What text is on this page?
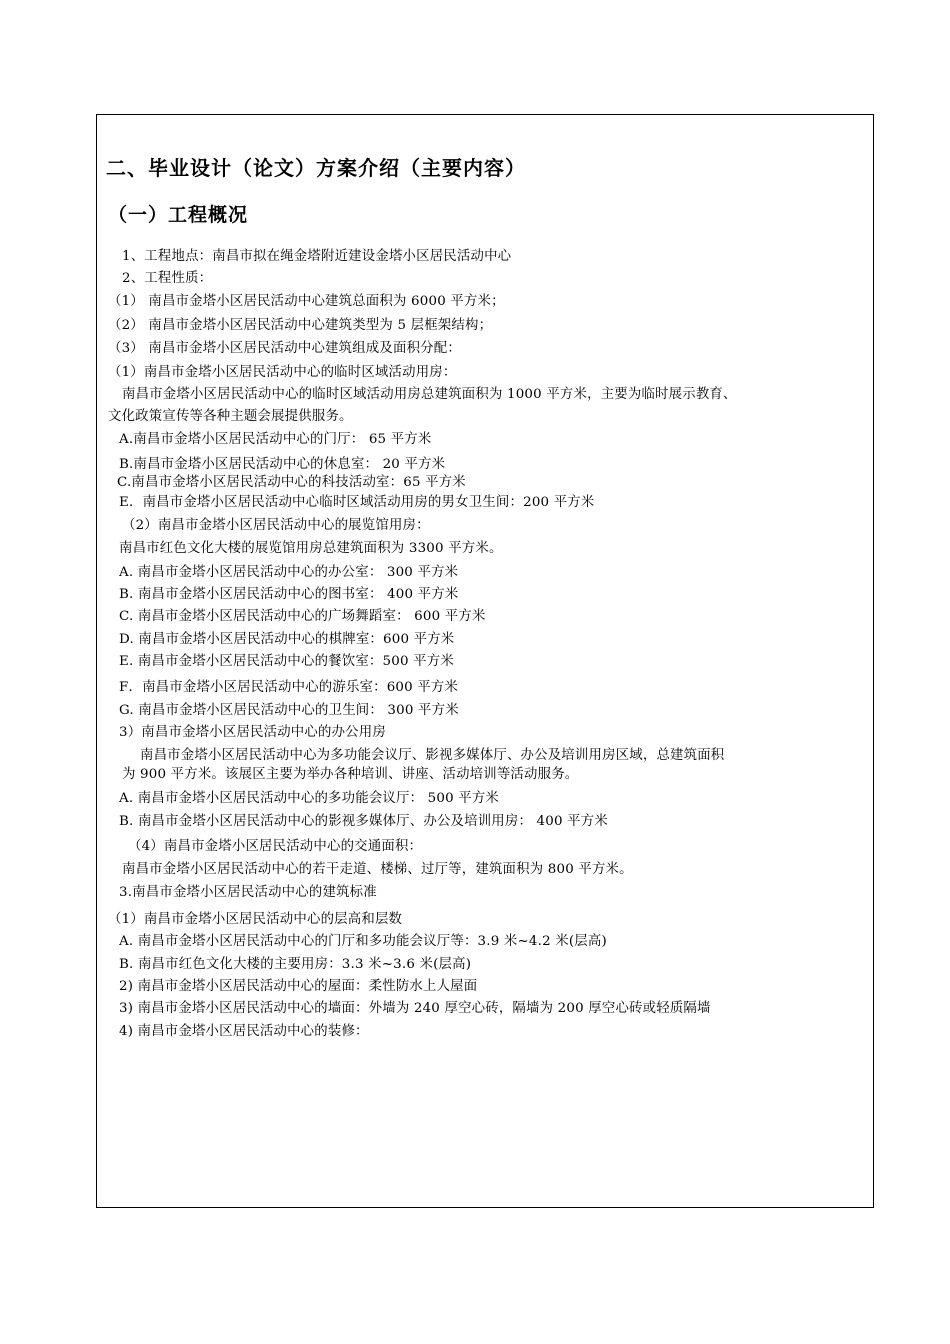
二、毕业设计（论文）方案介绍（主要内容）
（一）工程概况
1、工程地点：南昌市拟在绳金塔附近建设金塔小区居民活动中心
2、工程性质：
（1） 南昌市金塔小区居民活动中心建筑总面积为 6000 平方米；
（2） 南昌市金塔小区居民活动中心建筑类型为 5 层框架结构；
（3） 南昌市金塔小区居民活动中心建筑组成及面积分配：
（1）南昌市金塔小区居民活动中心的临时区域活动用房：
南昌市金塔小区居民活动中心的临时区域活动用房总建筑面积为 1000 平方米，主要为临时展示教育、
文化政策宣传等各种主题会展提供服务。
A.南昌市金塔小区居民活动中心的门厅： 65 平方米
B.南昌市金塔小区居民活动中心的休息室： 20 平方米
C.南昌市金塔小区居民活动中心的科技活动室：65 平方米
E．南昌市金塔小区居民活动中心临时区域活动用房的男女卫生间：200 平方米
（2）南昌市金塔小区居民活动中心的展览馆用房：
南昌市红色文化大楼的展览馆用房总建筑面积为 3300 平方米。
A. 南昌市金塔小区居民活动中心的办公室： 300 平方米
B. 南昌市金塔小区居民活动中心的图书室： 400 平方米
C. 南昌市金塔小区居民活动中心的广场舞蹈室： 600 平方米
D. 南昌市金塔小区居民活动中心的棋牌室：600 平方米
E. 南昌市金塔小区居民活动中心的餐饮室：500 平方米
F．南昌市金塔小区居民活动中心的游乐室：600 平方米
G. 南昌市金塔小区居民活动中心的卫生间： 300 平方米
3）南昌市金塔小区居民活动中心的办公用房
南昌市金塔小区居民活动中心为多功能会议厅、影视多媒体厅、办公及培训用房区域，总建筑面积
为 900 平方米。该展区主要为举办各种培训、讲座、活动培训等活动服务。
A. 南昌市金塔小区居民活动中心的多功能会议厅： 500 平方米
B. 南昌市金塔小区居民活动中心的影视多媒体厅、办公及培训用房： 400 平方米
（4）南昌市金塔小区居民活动中心的交通面积：
南昌市金塔小区居民活动中心的若干走道、楼梯、过厅等，建筑面积为 800 平方米。
3.南昌市金塔小区居民活动中心的建筑标准
（1）南昌市金塔小区居民活动中心的层高和层数
A. 南昌市金塔小区居民活动中心的门厅和多功能会议厅等：3.9 米~4.2 米(层高)
B. 南昌市红色文化大楼的主要用房：3.3 米~3.6 米(层高)
2) 南昌市金塔小区居民活动中心的屋面：柔性防水上人屋面
3) 南昌市金塔小区居民活动中心的墙面：外墙为 240 厚空心砖，隔墙为 200 厚空心砖或轻质隔墙
4) 南昌市金塔小区居民活动中心的装修：
